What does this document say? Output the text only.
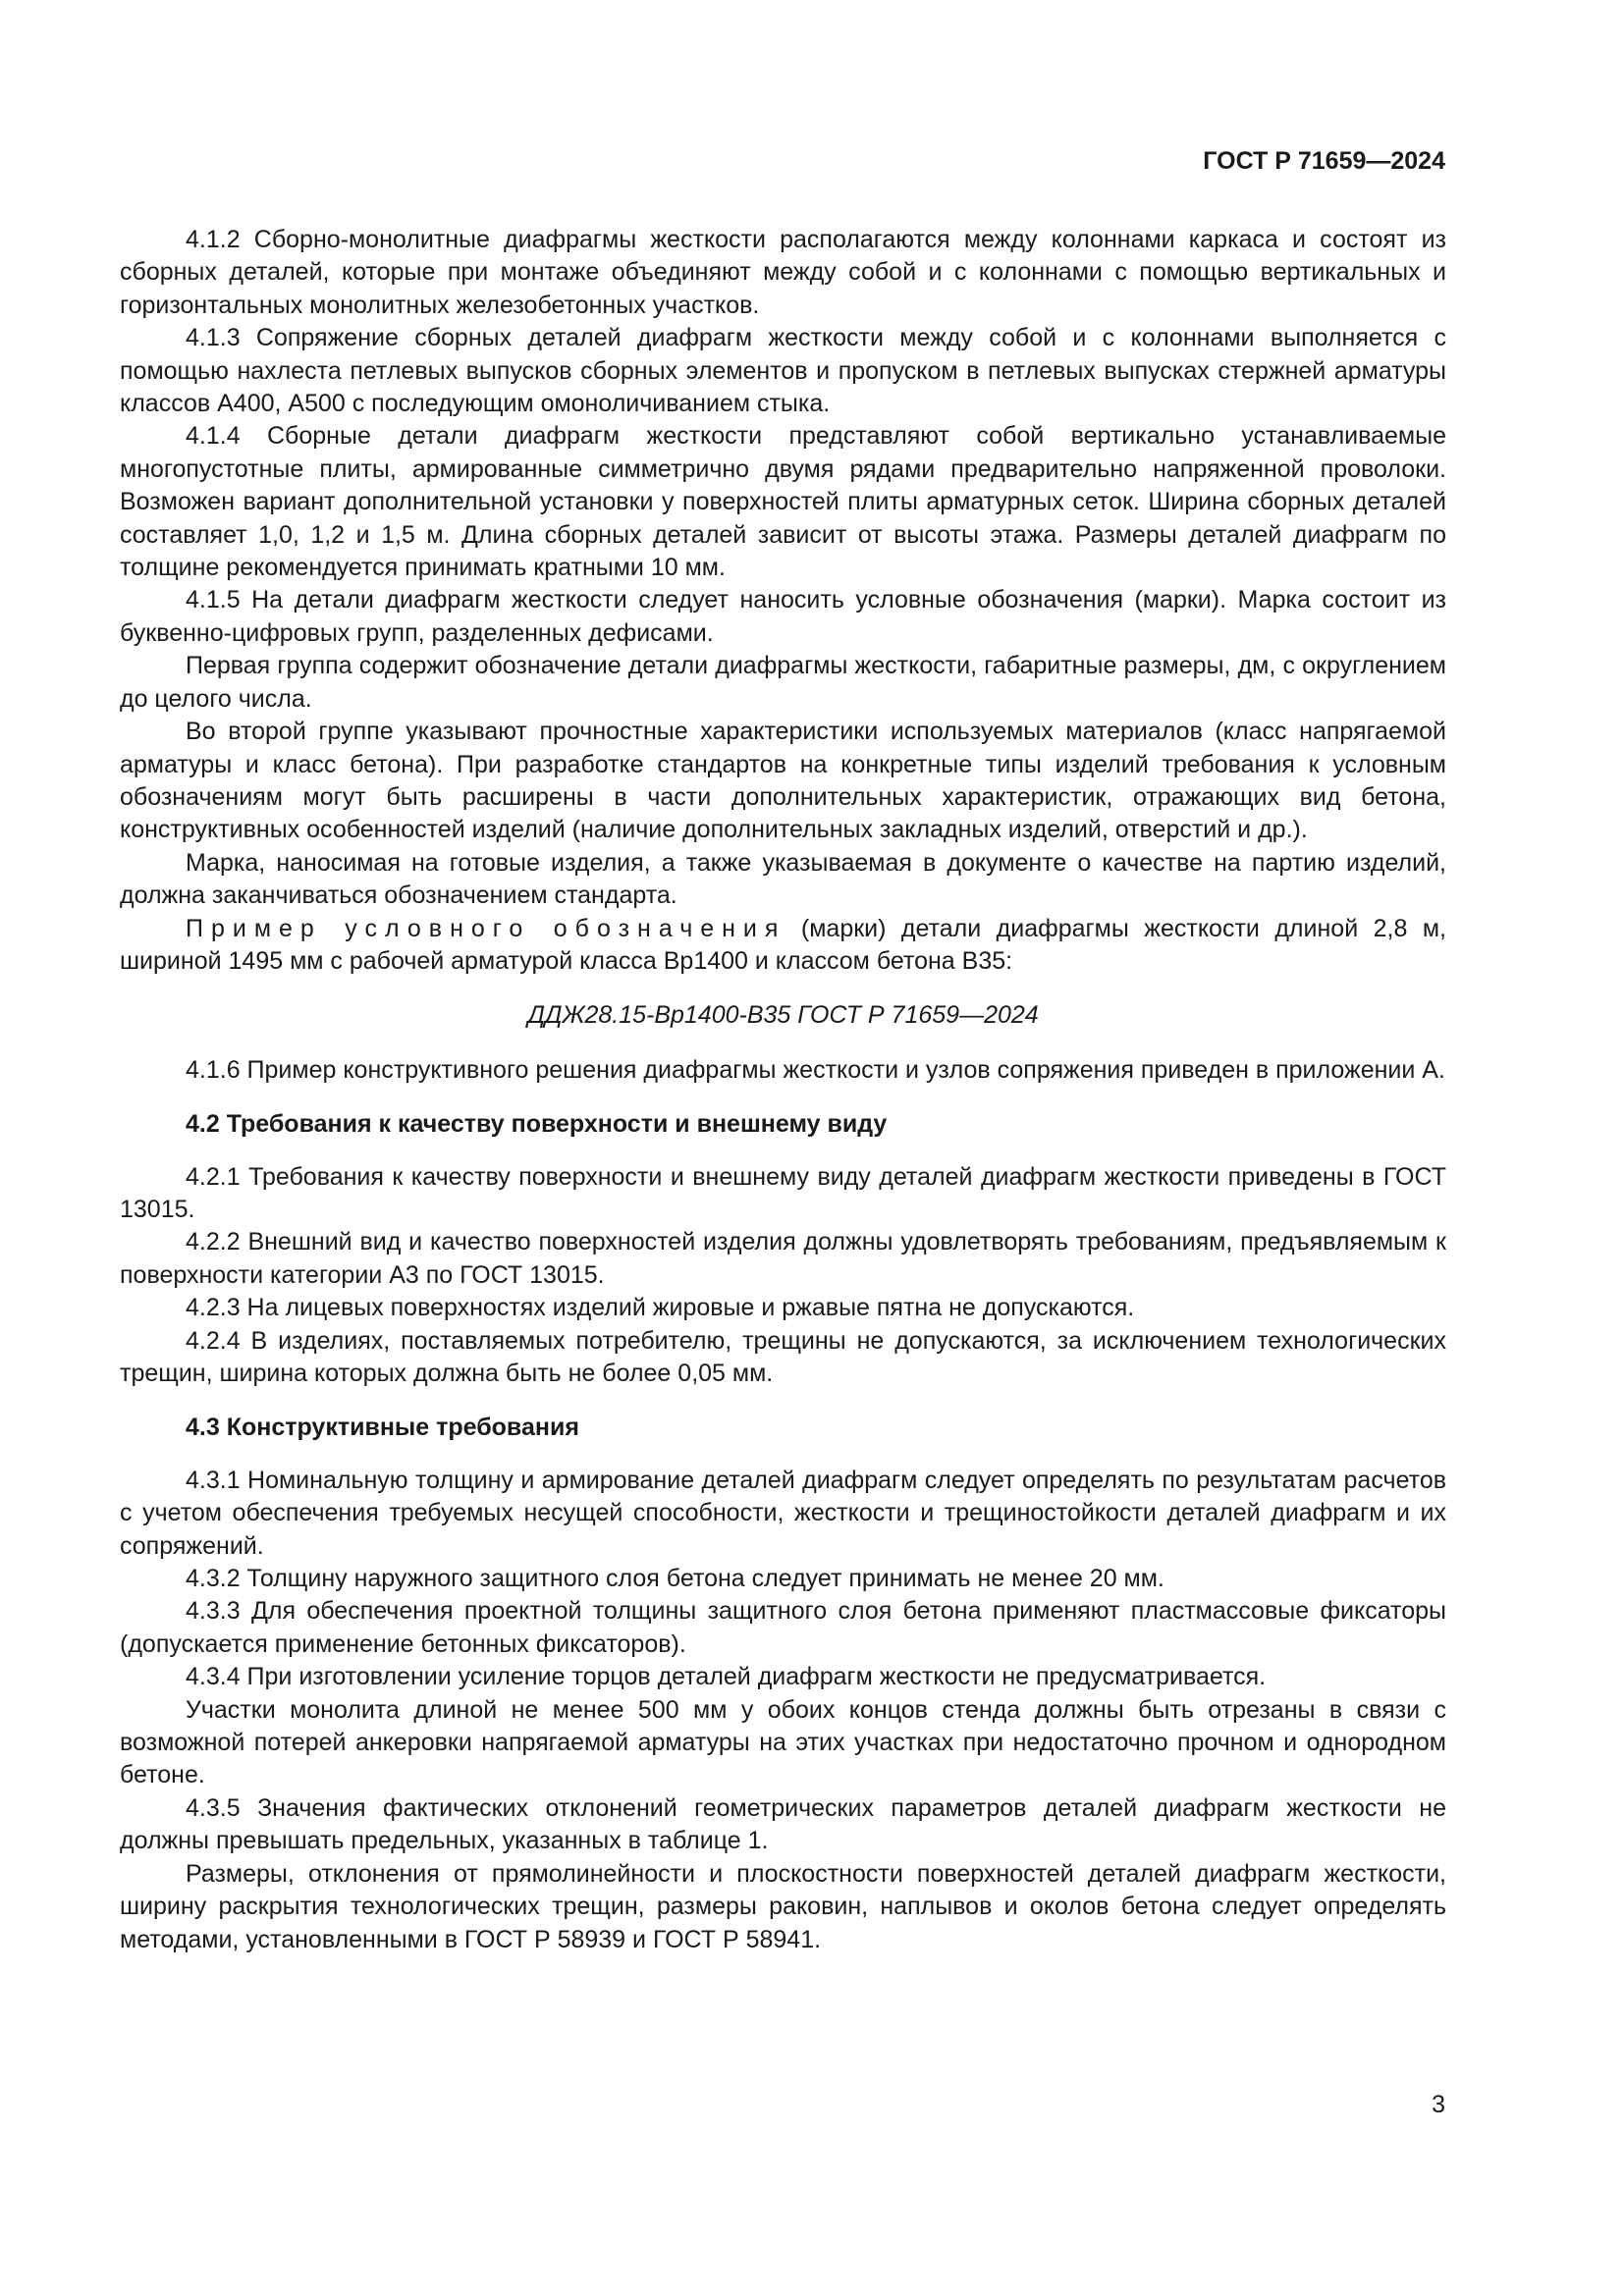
ГОСТ Р 71659—2024

4.1.2 Сборно-монолитные диафрагмы жесткости располагаются между колоннами каркаса и состоят из сборных деталей, которые при монтаже объединяют между собой и с колоннами с помощью вертикальных и горизонтальных монолитных железобетонных участков.

4.1.3 Сопряжение сборных деталей диафрагм жесткости между собой и с колоннами выполняется с помощью нахлеста петлевых выпусков сборных элементов и пропуском в петлевых выпусках стержней арматуры классов А400, А500 с последующим омоноличиванием стыка.

4.1.4 Сборные детали диафрагм жесткости представляют собой вертикально устанавливаемые многопустотные плиты, армированные симметрично двумя рядами предварительно напряженной проволоки. Возможен вариант дополнительной установки у поверхностей плиты арматурных сеток. Ширина сборных деталей составляет 1,0, 1,2 и 1,5 м. Длина сборных деталей зависит от высоты этажа. Размеры деталей диафрагм по толщине рекомендуется принимать кратными 10 мм.

4.1.5 На детали диафрагм жесткости следует наносить условные обозначения (марки). Марка состоит из буквенно-цифровых групп, разделенных дефисами.

Первая группа содержит обозначение детали диафрагмы жесткости, габаритные размеры, дм, с округлением до целого числа.

Во второй группе указывают прочностные характеристики используемых материалов (класс напрягаемой арматуры и класс бетона). При разработке стандартов на конкретные типы изделий требования к условным обозначениям могут быть расширены в части дополнительных характеристик, отражающих вид бетона, конструктивных особенностей изделий (наличие дополнительных закладных изделий, отверстий и др.).

Марка, наносимая на готовые изделия, а также указываемая в документе о качестве на партию изделий, должна заканчиваться обозначением стандарта.

Пример условного обозначения (марки) детали диафрагмы жесткости длиной 2,8 м, шириной 1495 мм с рабочей арматурой класса Вр1400 и классом бетона В35:

ДДЖ28.15-Вр1400-В35 ГОСТ Р 71659—2024

4.1.6 Пример конструктивного решения диафрагмы жесткости и узлов сопряжения приведен в приложении А.

4.2 Требования к качеству поверхности и внешнему виду

4.2.1 Требования к качеству поверхности и внешнему виду деталей диафрагм жесткости приведены в ГОСТ 13015.

4.2.2 Внешний вид и качество поверхностей изделия должны удовлетворять требованиям, предъявляемым к поверхности категории А3 по ГОСТ 13015.

4.2.3 На лицевых поверхностях изделий жировые и ржавые пятна не допускаются.

4.2.4 В изделиях, поставляемых потребителю, трещины не допускаются, за исключением технологических трещин, ширина которых должна быть не более 0,05 мм.

4.3 Конструктивные требования

4.3.1 Номинальную толщину и армирование деталей диафрагм следует определять по результатам расчетов с учетом обеспечения требуемых несущей способности, жесткости и трещиностойкости деталей диафрагм и их сопряжений.

4.3.2 Толщину наружного защитного слоя бетона следует принимать не менее 20 мм.

4.3.3 Для обеспечения проектной толщины защитного слоя бетона применяют пластмассовые фиксаторы (допускается применение бетонных фиксаторов).

4.3.4 При изготовлении усиление торцов деталей диафрагм жесткости не предусматривается.

Участки монолита длиной не менее 500 мм у обоих концов стенда должны быть отрезаны в связи с возможной потерей анкеровки напрягаемой арматуры на этих участках при недостаточно прочном и однородном бетоне.

4.3.5 Значения фактических отклонений геометрических параметров деталей диафрагм жесткости не должны превышать предельных, указанных в таблице 1.

Размеры, отклонения от прямолинейности и плоскостности поверхностей деталей диафрагм жесткости, ширину раскрытия технологических трещин, размеры раковин, наплывов и околов бетона следует определять методами, установленными в ГОСТ Р 58939 и ГОСТ Р 58941.

3
